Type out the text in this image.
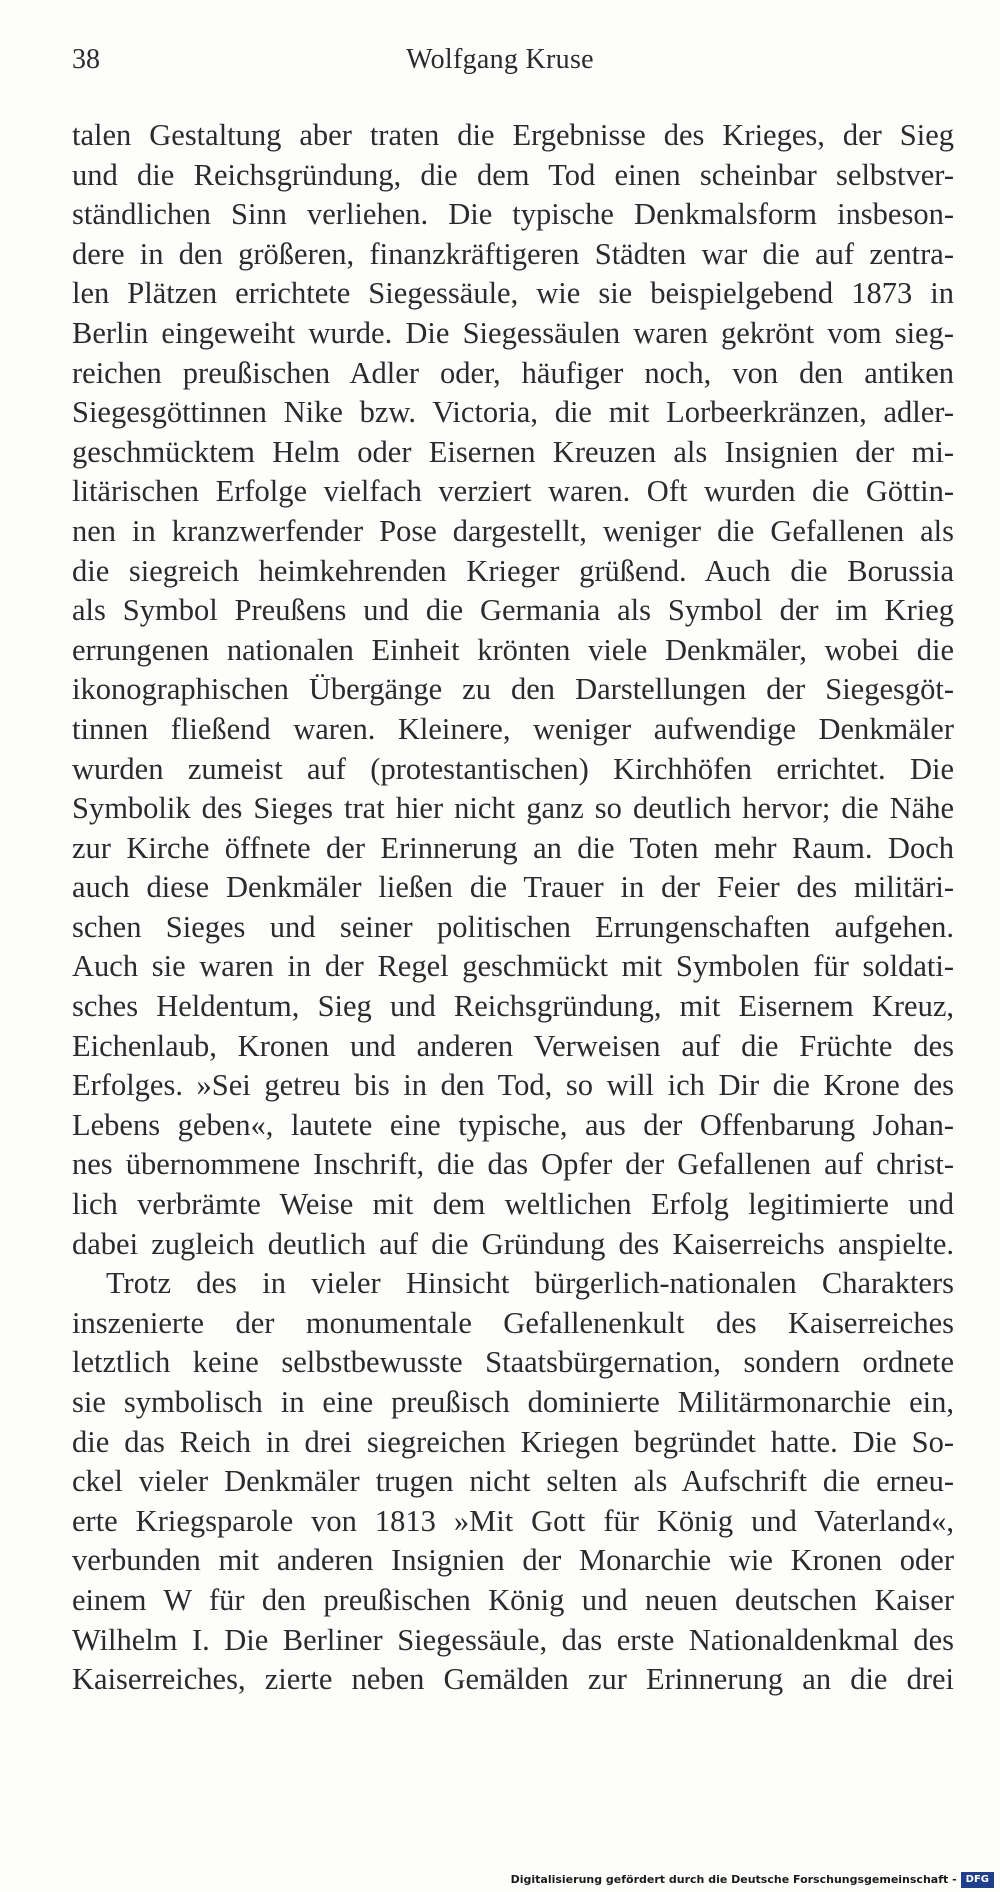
38	Wolfgang Kruse
talen Gestaltung aber traten die Ergebnisse des Krieges, der Sieg
und die Reichsgründung, die dem Tod einen scheinbar selbstver-
ständlichen Sinn verliehen. Die typische Denkmalsform insbeson-
dere in den größeren, finanzkräftigeren Städten war die auf zentra-
len Plätzen errichtete Siegessäule, wie sie beispielgebend 1873 in
Berlin eingeweiht wurde. Die Siegessäulen waren gekrönt vom sieg-
reichen preußischen Adler oder, häufiger noch, von den antiken
Siegesgöttinnen Nike bzw. Victoria, die mit Lorbeerkränzen, adler-
geschmücktem Helm oder Eisernen Kreuzen als Insignien der mi-
litärischen Erfolge vielfach verziert waren. Oft wurden die Göttin-
nen in kranzwerfender Pose dargestellt, weniger die Gefallenen als
die siegreich heimkehrenden Krieger grüßend. Auch die Borussia
als Symbol Preußens und die Germania als Symbol der im Krieg
errungenen nationalen Einheit krönten viele Denkmäler, wobei die
ikonographischen Übergänge zu den Darstellungen der Siegesgöt-
tinnen fließend waren. Kleinere, weniger aufwendige Denkmäler
wurden zumeist auf (protestantischen) Kirchhöfen errichtet. Die
Symbolik des Sieges trat hier nicht ganz so deutlich hervor; die Nähe
zur Kirche öffnete der Erinnerung an die Toten mehr Raum. Doch
auch diese Denkmäler ließen die Trauer in der Feier des militäri-
schen Sieges und seiner politischen Errungenschaften aufgehen.
Auch sie waren in der Regel geschmückt mit Symbolen für soldati-
sches Heldentum, Sieg und Reichsgründung, mit Eisernem Kreuz,
Eichenlaub, Kronen und anderen Verweisen auf die Früchte des
Erfolges. »Sei getreu bis in den Tod, so will ich Dir die Krone des
Lebens geben«, lautete eine typische, aus der Offenbarung Johan-
nes übernommene Inschrift, die das Opfer der Gefallenen auf christ-
lich verbrämte Weise mit dem weltlichen Erfolg legitimierte und
dabei zugleich deutlich auf die Gründung des Kaiserreichs anspielte.
Trotz des in vieler Hinsicht bürgerlich-nationalen Charakters
inszenierte der monumentale Gefallenenkult des Kaiserreiches
letztlich keine selbstbewusste Staatsbürgernation, sondern ordnete
sie symbolisch in eine preußisch dominierte Militärmonarchie ein,
die das Reich in drei siegreichen Kriegen begründet hatte. Die So-
ckel vieler Denkmäler trugen nicht selten als Aufschrift die erneu-
erte Kriegsparole von 1813 »Mit Gott für König und Vaterland«,
verbunden mit anderen Insignien der Monarchie wie Kronen oder
einem W für den preußischen König und neuen deutschen Kaiser
Wilhelm I. Die Berliner Siegessäule, das erste Nationaldenkmal des
Kaiserreiches, zierte neben Gemälden zur Erinnerung an die drei
Digitalisierung gefördert durch die Deutsche Forschungsgemeinschaft - DFG
